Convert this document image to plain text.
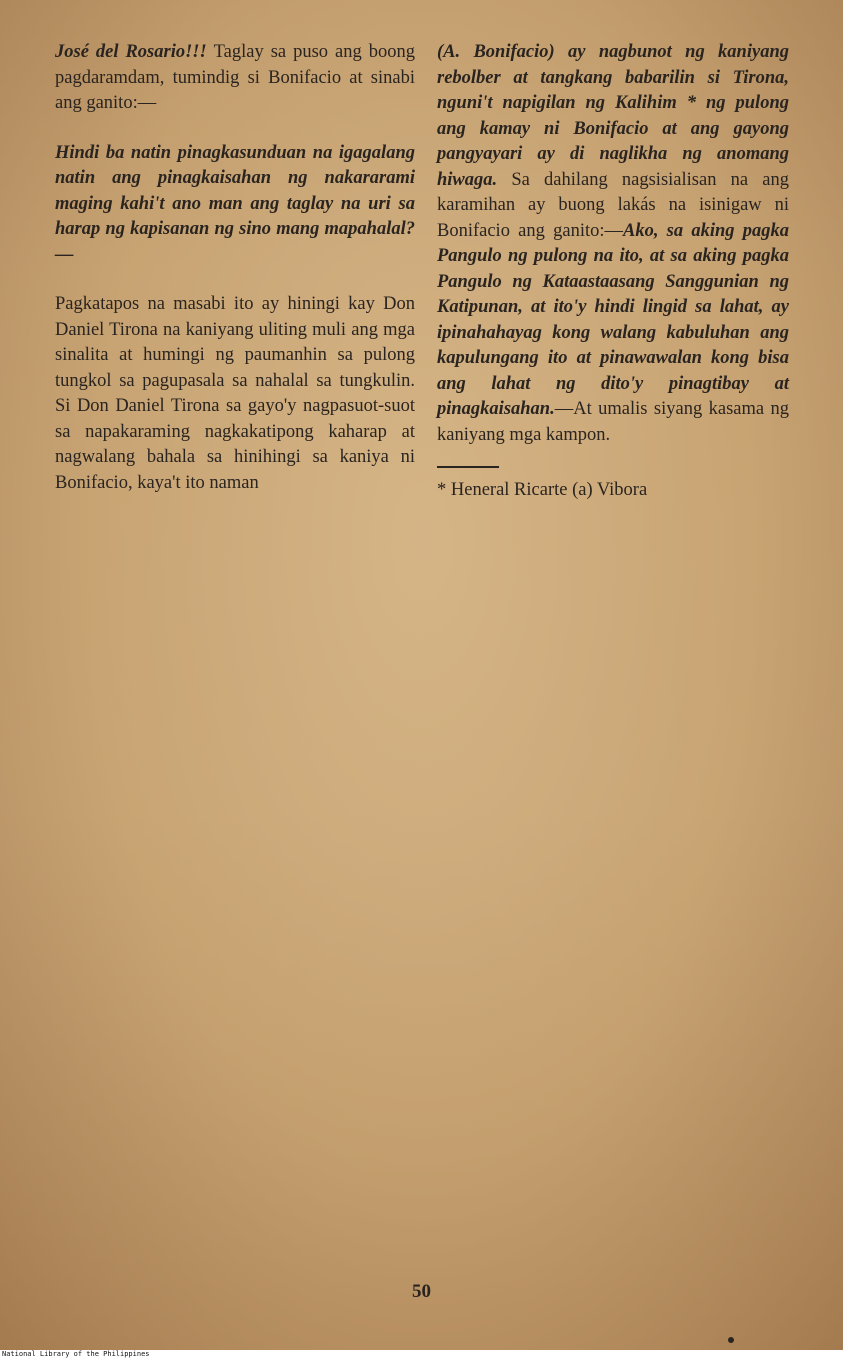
José del Rosario!!! Taglay sa puso ang boong pagdaramdam, tumindig si Bonifacio at sinabi ang ganito:—

Hindi ba natin pinagkasunduan na igagalang natin ang pinagkaisahan ng nakararami maging kahi't ano man ang taglay na uri sa harap ng kapisanan ng sino mang mapahalal?—

Pagkatapos na masabi ito ay hiningi kay Don Daniel Tirona na kaniyang uliting muli ang mga sinalita at humingi ng paumanhin sa pulong tungkol sa pagupasala sa nahalal sa tungkulin. Si Don Daniel Tirona sa gayo'y nagpasuot-suot sa napakaraming nagkakatipong kaharap at nagwalang bahala sa hinihingi sa kaniya ni Bonifacio, kaya't ito naman

(A. Bonifacio) ay nagbunot ng kaniyang rebolber at tangkang babarilin si Tirona, nguni't napigilan ng Kalihim * ng pulong ang kamay ni Bonifacio at ang gayong pangyayari ay di naglikha ng anomang hiwaga. Sa dahilang nagsisialisan na ang karamihan ay buong lakás na isinigaw ni Bonifacio ang ganito:—Ako, sa aking pagka Pangulo ng pulong na ito, at sa aking pagka Pangulo ng Kataastaasang Sanggunian ng Katipunan, at ito'y hindi lingid sa lahat, ay ipinahahayag kong walang kabuluhan ang kapulungang ito at pinawawalan kong bisa ang lahat ng dito'y pinagtibay at pinagkaisahan.—At umalis siyang kasama ng kaniyang mga kampon.

* Heneral Ricarte (a) Vibora

50
National Library of the Philippines
